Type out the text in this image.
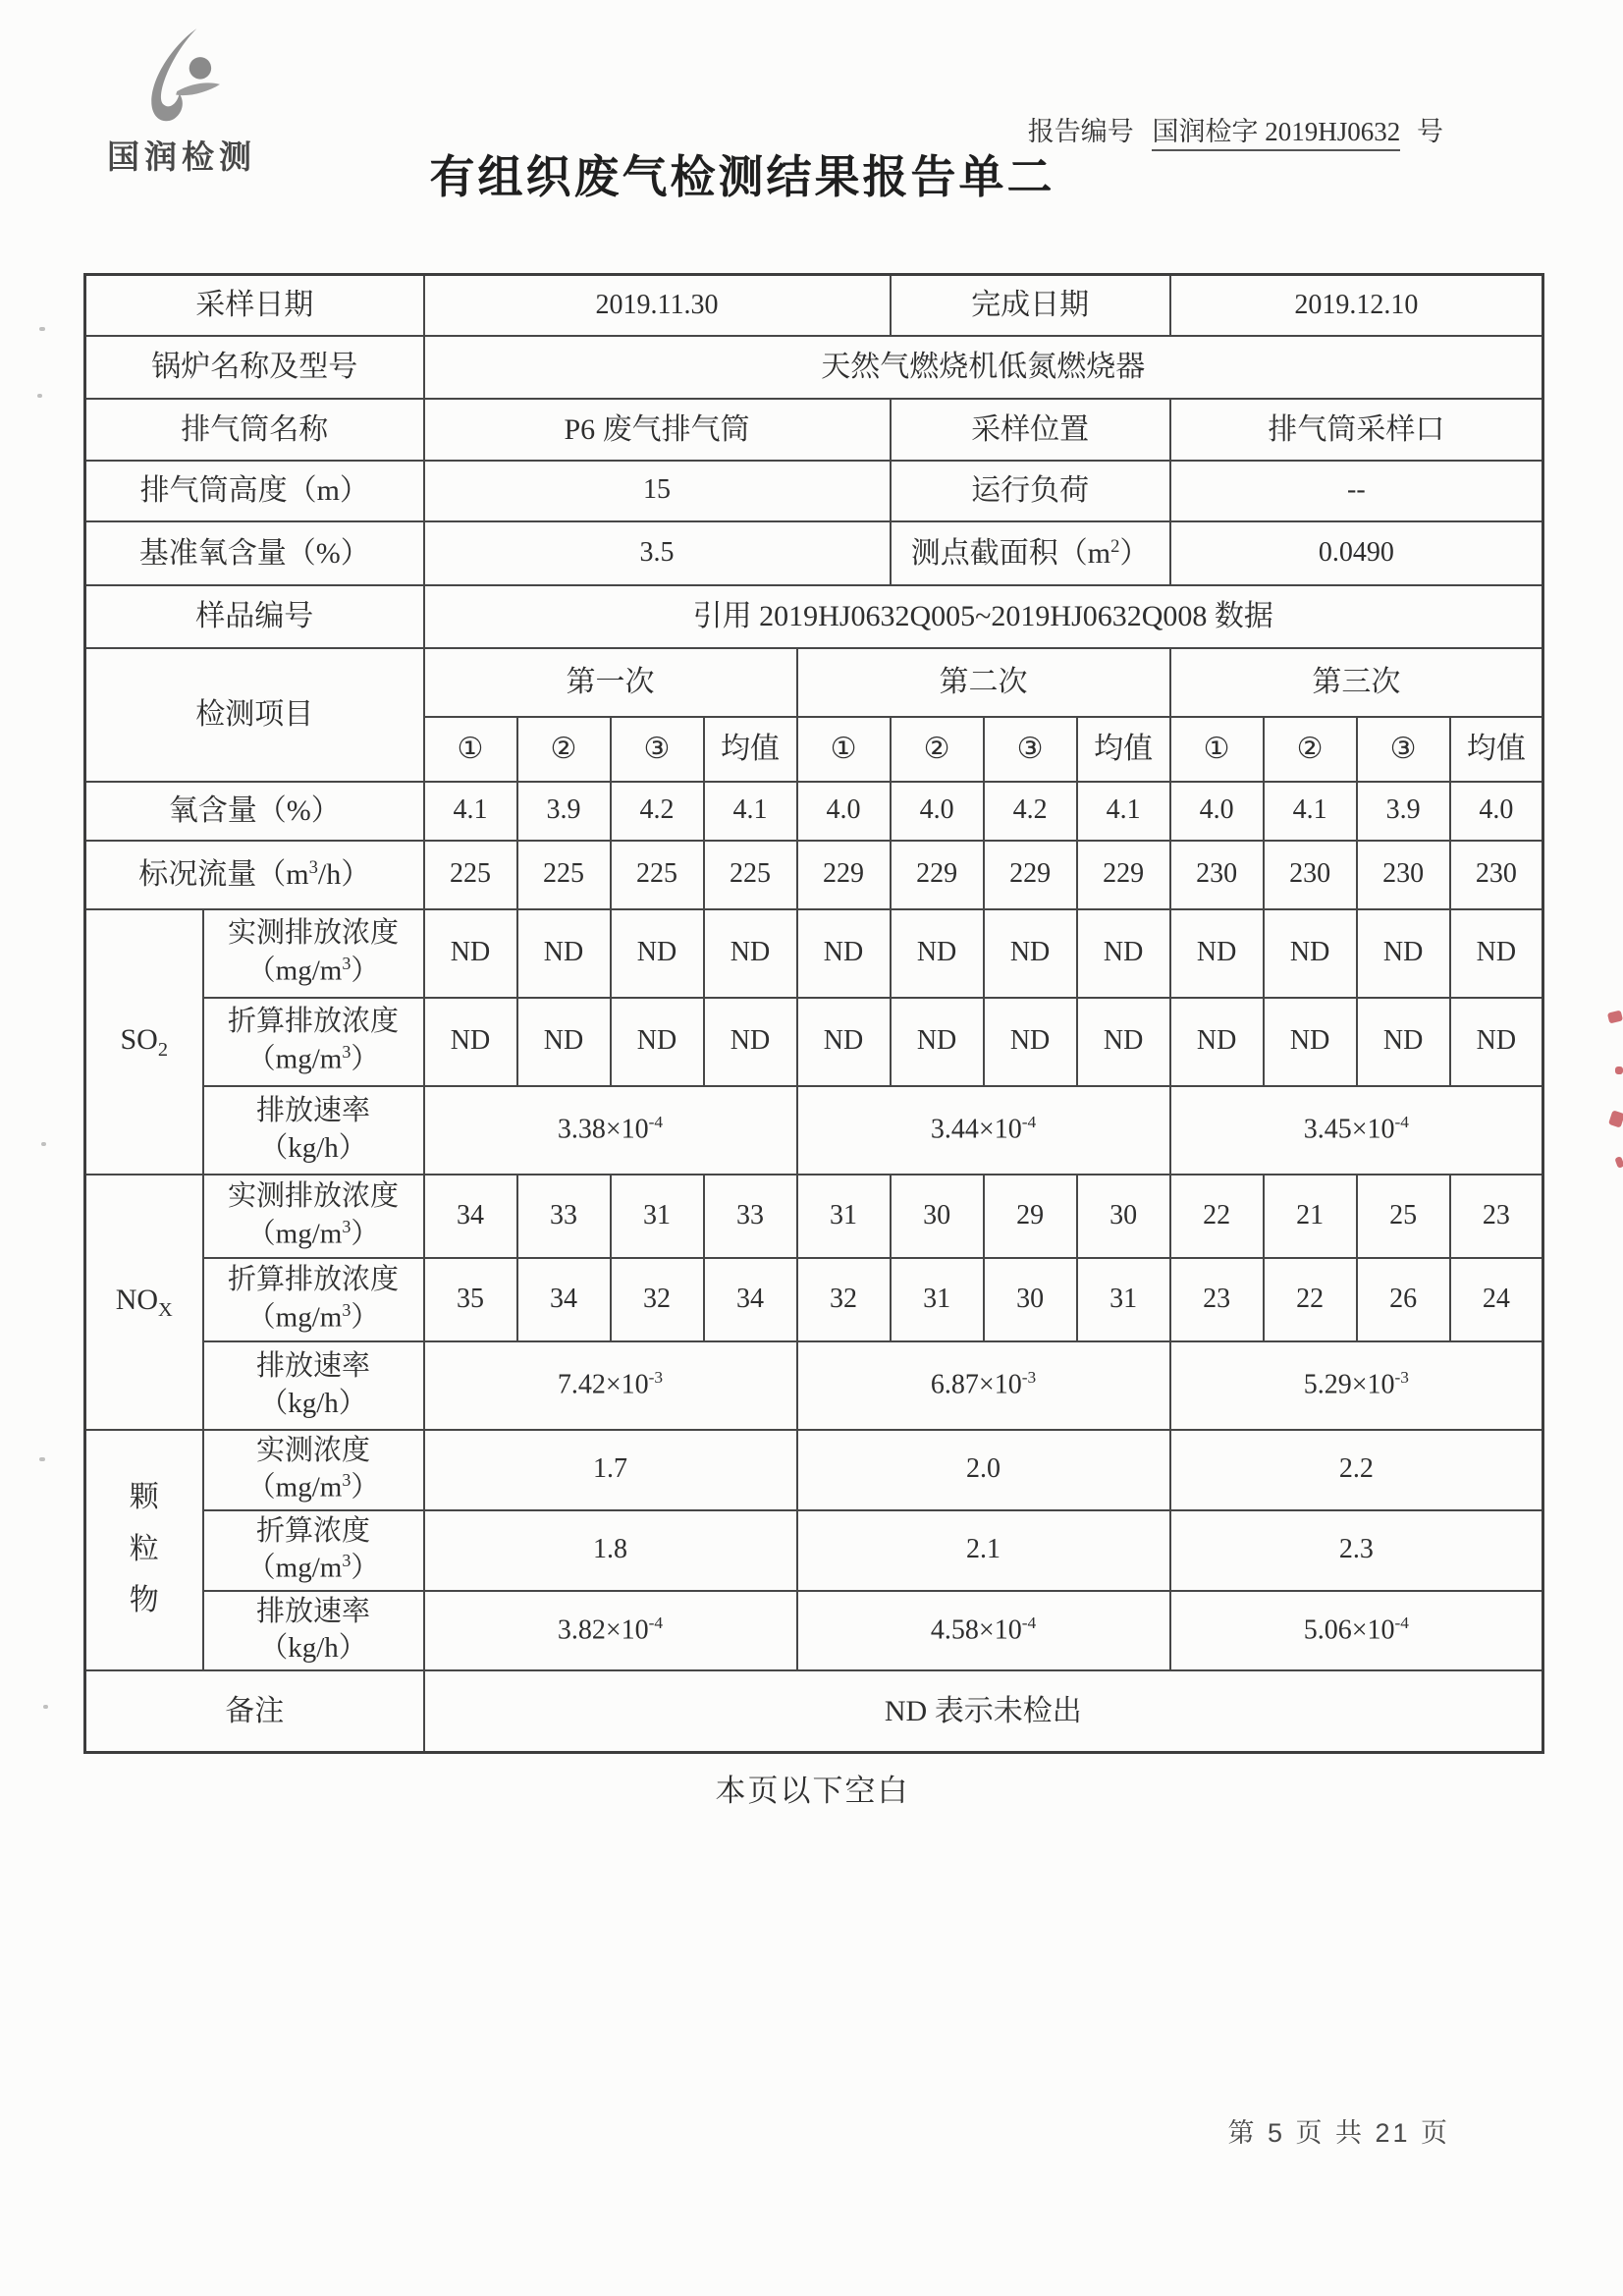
国润检测
报告编号 国润检字 2019HJ0632 号
有组织废气检测结果报告单二
采样日期		2019.11.30					完成日期			2019.12.10			
锅炉名称及型号		天然气燃烧机低氮燃烧器											
排气筒名称		P6 废气排气筒					采样位置			排气筒采样口			
排气筒高度（m）		15					运行负荷			--			
基准氧含量（%）		3.5					测点截面积$(m^2)$			0.0490			
样品编号		引用 2019HJ0632Q005~2019HJ0632Q008 数据											
检测项目		第一次				第二次				第三次			
		①	②	③	均值	①	②	③	均值	①	②	③	均值
氧含量（%）		4.1	3.9	4.2	4.1	4.0	4.0	4.2	4.1	4.0	4.1	3.9	4.0
标况流量$(m^3/h)$		225	225	225	225	229	229	229	229	230	230	230	230
$SO_2$	实测排放浓度$(mg/m^3)$	ND	ND	ND	ND	ND	ND	ND	ND	ND	ND	ND	ND
	折算排放浓度$(mg/m^3)$	ND	ND	ND	ND	ND	ND	ND	ND	ND	ND	ND	ND
	排放速率（kg/h）	$3.38\times 10^{-4}$				$3.44\times 10^{-4}$				$3.45\times 10^{-4}$
$NO_X$	实测排放浓度$(mg/m^3)$	34	33	31	33	31	30	29	30	22	21	25	23
	折算排放浓度$(mg/m^3)$	35	34	32	34	32	31	30	31	23	22	26	24
	排放速率（kg/h）	$7.42\times 10^{-3}$				$6.87\times 10^{-3}$				$5.29\times 10^{-3}$
颗粒物	实测浓度$(mg/m^3)$	1.7				2.0				2.2			
	折算浓度$(mg/m^3)$	1.8				2.1				2.3			
	排放速率（kg/h）	$3.82\times 10^{-4}$				$4.58\times 10^{-4}$				$5.06\times 10^{-4}$
备注		ND 表示未检出											
本页以下空白
第 5 页 共 21 页
